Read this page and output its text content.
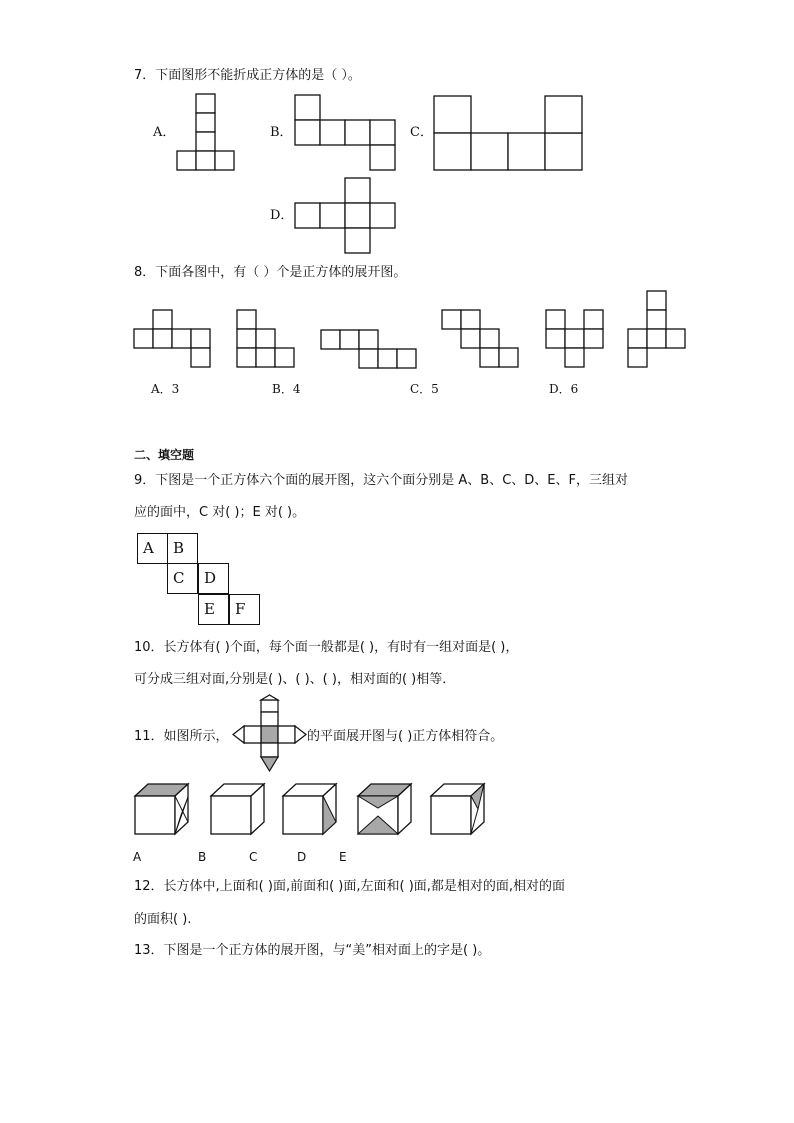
7．下面图形不能折成正方体的是（ ）。
A．	B．	C．
D．
8．下面各图中，有（ ）个是正方体的展开图。
A．3	B．4	C．5	D．6
二、填空题
9．下图是一个正方体六个面的展开图，这六个面分别是 A、B、C、D、E、F，三组对
应的面中，C 对( )；E 对( )。
A	B
C	D
E	F
10．长方体有( )个面，每个面一般都是( )，有时有一组对面是( )，
可分成三组对面,分别是( )、( )、( )，相对面的( )相等．
11．如图所示，	的平面展开图与( )正方体相符合。
A	B	C	D	E
12．长方体中,上面和( )面,前面和( )面,左面和( )面,都是相对的面,相对的面
的面积( ).
13．下图是一个正方体的展开图，与“美”相对面上的字是( )。
